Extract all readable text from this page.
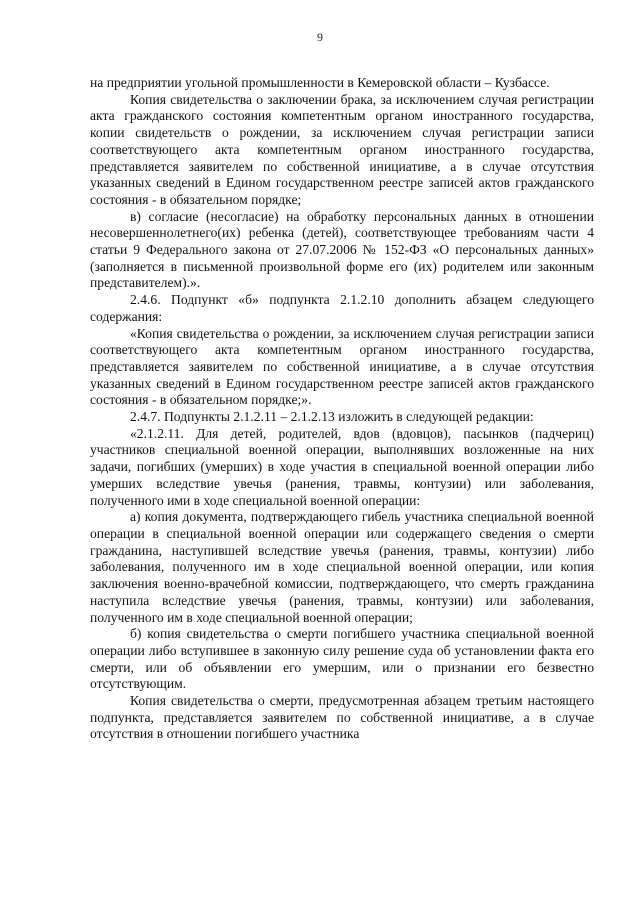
9

на предприятии угольной промышленности в Кемеровской области – Кузбассе.

Копия свидетельства о заключении брака, за исключением случая регистрации акта гражданского состояния компетентным органом иностранного государства, копии свидетельств о рождении, за исключением случая регистрации записи соответствующего акта компетентным органом иностранного государства, представляется заявителем по собственной инициативе, а в случае отсутствия указанных сведений в Едином государственном реестре записей актов гражданского состояния - в обязательном порядке;

в) согласие (несогласие) на обработку персональных данных в отношении несовершеннолетнего(их) ребенка (детей), соответствующее требованиям части 4 статьи 9 Федерального закона от 27.07.2006 № 152-ФЗ «О персональных данных» (заполняется в письменной произвольной форме его (их) родителем или законным представителем).».

2.4.6. Подпункт «б» подпункта 2.1.2.10 дополнить абзацем следующего содержания:

«Копия свидетельства о рождении, за исключением случая регистрации записи соответствующего акта компетентным органом иностранного государства, представляется заявителем по собственной инициативе, а в случае отсутствия указанных сведений в Едином государственном реестре записей актов гражданского состояния - в обязательном порядке;».

2.4.7. Подпункты 2.1.2.11 – 2.1.2.13 изложить в следующей редакции:

«2.1.2.11. Для детей, родителей, вдов (вдовцов), пасынков (падчериц) участников специальной военной операции, выполнявших возложенные на них задачи, погибших (умерших) в ходе участия в специальной военной операции либо умерших вследствие увечья (ранения, травмы, контузии) или заболевания, полученного ими в ходе специальной военной операции:

а) копия документа, подтверждающего гибель участника специальной военной операции в специальной военной операции или содержащего сведения о смерти гражданина, наступившей вследствие увечья (ранения, травмы, контузии) либо заболевания, полученного им в ходе специальной военной операции, или копия заключения военно-врачебной комиссии, подтверждающего, что смерть гражданина наступила вследствие увечья (ранения, травмы, контузии) или заболевания, полученного им в ходе специальной военной операции;

б) копия свидетельства о смерти погибшего участника специальной военной операции либо вступившее в законную силу решение суда об установлении факта его смерти, или об объявлении его умершим, или о признании его безвестно отсутствующим.

Копия свидетельства о смерти, предусмотренная абзацем третьим настоящего подпункта, представляется заявителем по собственной инициативе, а в случае отсутствия в отношении погибшего участника
